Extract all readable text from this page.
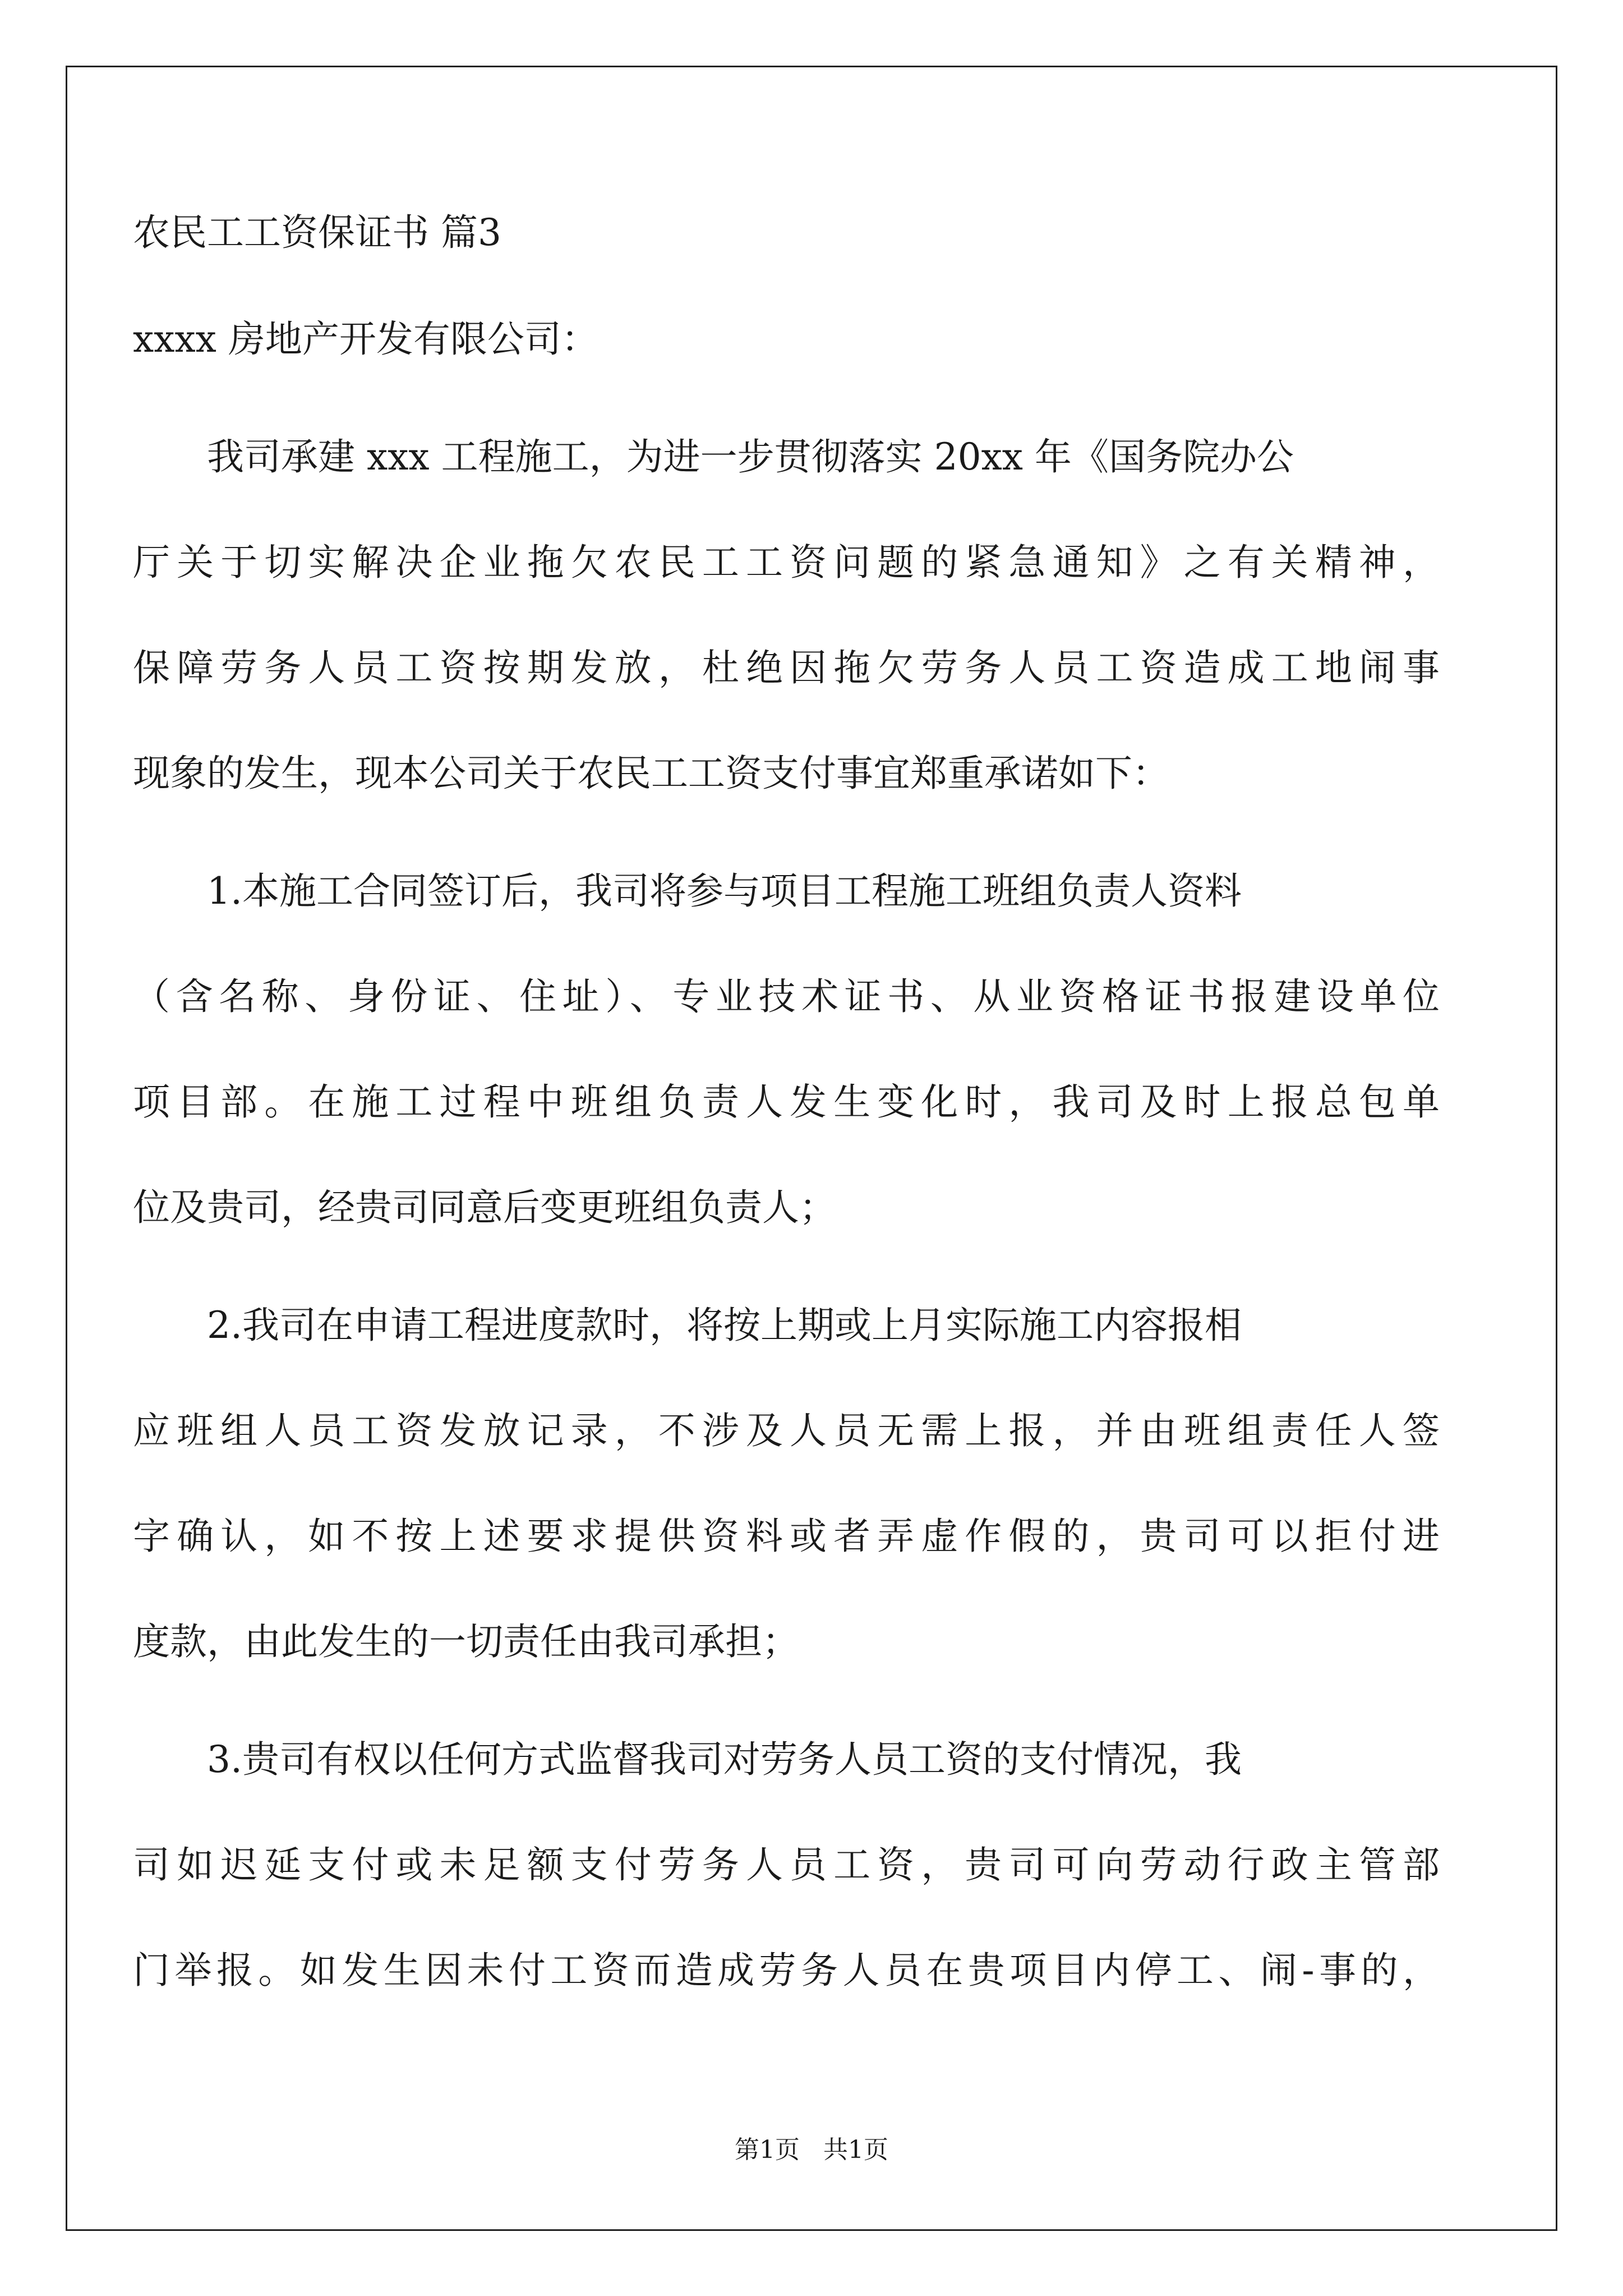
农民工工资保证书 篇3
xxxx 房地产开发有限公司：
我司承建 xxx 工程施工，为进一步贯彻落实 20xx 年《国务院办公
厅关于切实解决企业拖欠农民工工资问题的紧急通知》之有关精神，
保障劳务人员工资按期发放，杜绝因拖欠劳务人员工资造成工地闹事
现象的发生，现本公司关于农民工工资支付事宜郑重承诺如下：
1.本施工合同签订后，我司将参与项目工程施工班组负责人资料
（含名称、身份证、住址）、专业技术证书、从业资格证书报建设单位
项目部。在施工过程中班组负责人发生变化时，我司及时上报总包单
位及贵司，经贵司同意后变更班组负责人；
2.我司在申请工程进度款时，将按上期或上月实际施工内容报相
应班组人员工资发放记录，不涉及人员无需上报，并由班组责任人签
字确认，如不按上述要求提供资料或者弄虚作假的，贵司可以拒付进
度款，由此发生的一切责任由我司承担；
3.贵司有权以任何方式监督我司对劳务人员工资的支付情况，我
司如迟延支付或未足额支付劳务人员工资，贵司可向劳动行政主管部
门举报。如发生因未付工资而造成劳务人员在贵项目内停工、闹-事的，
第1页 共1页
